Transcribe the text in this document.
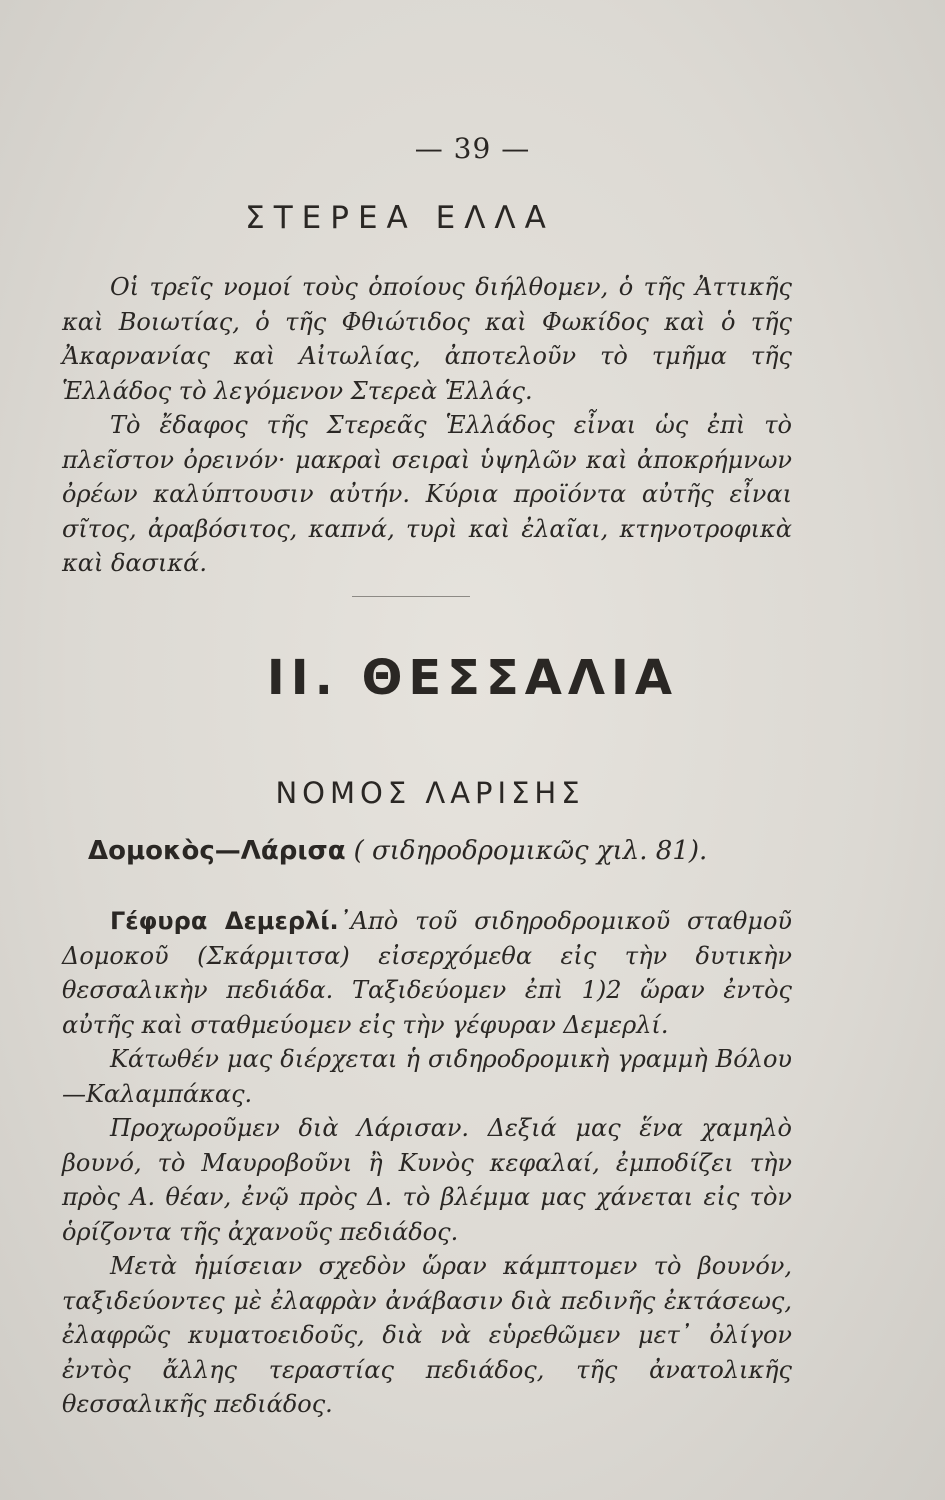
— 39 —
ΣΤΕΡΕΑ ΕΛΛΑ

Οἱ τρεῖς νομοί τοὺς ὁποίους διήλθομεν, ὁ τῆς Ἀττικῆς καὶ Βοιωτίας, ὁ τῆς Φθιώτιδος καὶ Φωκίδος καὶ ὁ τῆς Ἀκαρνανίας καὶ Αἰτωλίας, ἀποτελοῦν τὸ τμῆμα τῆς Ἑλλάδος τὸ λεγόμενον Στερεὰ Ἑλλάς.

Τὸ ἔδαφος τῆς Στερεᾶς Ἑλλάδος εἶναι ὡς ἐπὶ τὸ πλεῖστον ὀρεινόν· μακραὶ σειραὶ ὑψηλῶν καὶ ἀποκρήμνων ὀρέων καλύπτουσιν αὐτήν. Κύρια προϊόντα αὐτῆς εἶναι σῖτος, ἀραβόσιτος, καπνά, τυρὶ καὶ ἐλαῖαι, κτηνοτροφικὰ καὶ δασικά.

ΙΙ. ΘΕΣΣΑΛΙΑ
ΝΟΜΟΣ ΛΑΡΙΣΗΣ
Δομοκὸς—Λάρισα ( σιδηροδρομικῶς χιλ. 81).

Γέφυρα Δεμερλί.᾿Απὸ τοῦ σιδηροδρομικοῦ σταθμοῦ Δομοκοῦ (Σκάρμιτσα) εἰσερχόμεθα εἰς τὴν δυτικὴν θεσσαλικὴν πεδιάδα. Ταξιδεύομεν ἐπὶ 1)2 ὥραν ἐντὸς αὐτῆς καὶ σταθμεύομεν εἰς τὴν γέφυραν Δεμερλί.

Κάτωθέν μας διέρχεται ἡ σιδηροδρομικὴ γραμμὴ Βόλου—Καλαμπάκας.

Προχωροῦμεν διὰ Λάρισαν. Δεξιά μας ἕνα χαμηλὸ βουνό, τὸ Μαυροβοῦνι ἢ Κυνὸς κεφαλαί, ἐμποδίζει τὴν πρὸς Α. θέαν, ἐνῷ πρὸς Δ. τὸ βλέμμα μας χάνεται εἰς τὸν ὁρίζοντα τῆς ἀχανοῦς πεδιάδος.

Μετὰ ἡμίσειαν σχεδὸν ὥραν κάμπτομεν τὸ βουνόν, ταξιδεύοντες μὲ ἐλαφρὰν ἀνάβασιν διὰ πεδινῆς ἐκτάσεως, ἐλαφρῶς κυματοειδοῦς, διὰ νὰ εὑρεθῶμεν μετ᾽ ὀλίγον ἐντὸς ἄλλης τεραστίας πεδιάδος, τῆς ἀνατολικῆς θεσσαλικῆς πεδιάδος.
